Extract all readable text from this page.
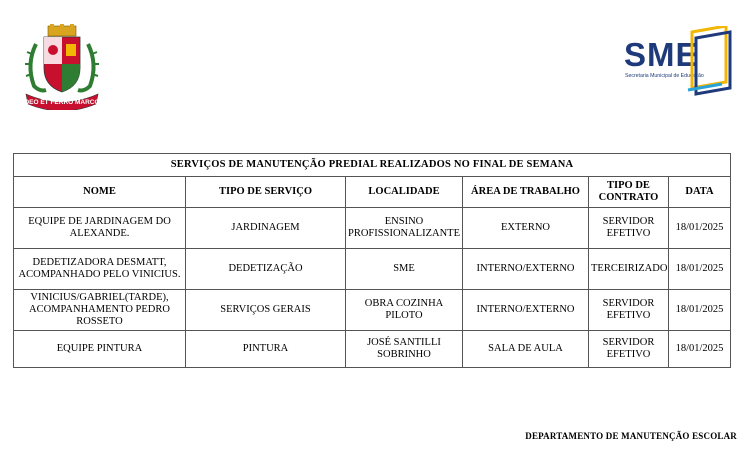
DEO ET FERRO MARCO
SME
Secretaria Municipal de Educação
SERVIÇOS DE MANUTENÇÃO PREDIAL REALIZADOS NO FINAL DE SEMANA					
NOME	TIPO DE SERVIÇO	LOCALIDADE	ÁREA DE TRABALHO	TIPO DE CONTRATO	DATA
EQUIPE DE JARDINAGEM DO ALEXANDE.	JARDINAGEM	ENSINO PROFISSIONALIZANTE	EXTERNO	SERVIDOR EFETIVO	18/01/2025
DEDETIZADORA DESMATT, ACOMPANHADO PELO VINICIUS.	DEDETIZAÇÃO	SME	INTERNO/EXTERNO	TERCEIRIZADO	18/01/2025
VINICIUS/GABRIEL(TARDE), ACOMPANHAMENTO PEDRO ROSSETO	SERVIÇOS GERAIS	OBRA COZINHA PILOTO	INTERNO/EXTERNO	SERVIDOR EFETIVO	18/01/2025
EQUIPE PINTURA	PINTURA	JOSÉ SANTILLI SOBRINHO	SALA DE AULA	SERVIDOR EFETIVO	18/01/2025
DEPARTAMENTO DE MANUTENÇÃO ESCOLAR
